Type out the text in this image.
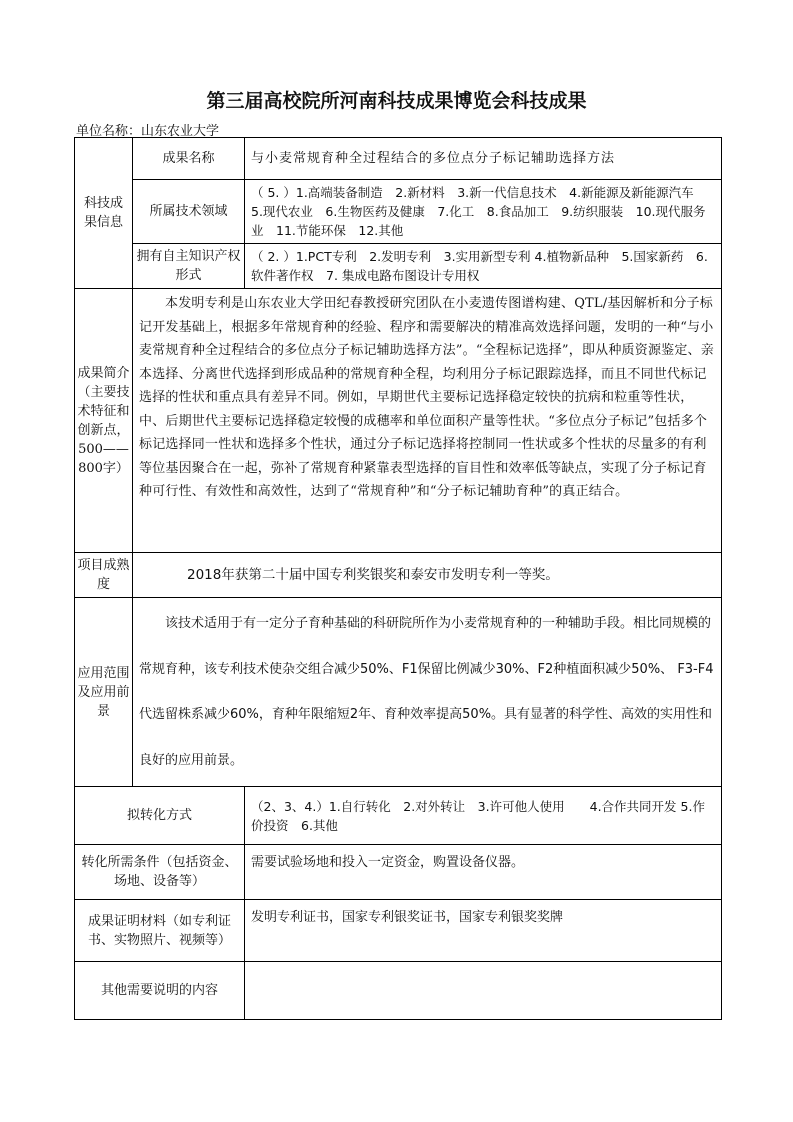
第三届高校院所河南科技成果博览会科技成果
单位名称：山东农业大学
科技成果信息	成果名称	与小麦常规育种全过程结合的多位点分子标记辅助选择方法
	所属技术领域	（ 5. ）1.高端装备制造　2.新材料　3.新一代信息技术　4.新能源及新能源汽车　5.现代农业　6.生物医药及健康　7.化工　8.食品加工　9.纺织服装　10.现代服务业　11.节能环保　12.其他
	拥有自主知识产权形式	（ 2. ）1.PCT专利　2.发明专利　3.实用新型专利 4.植物新品种　5.国家新药　6.软件著作权　7. 集成电路布图设计专用权
成果简介（主要技术特征和创新点，500——800字）	本发明专利是山东农业大学田纪春教授研究团队在小麦遗传图谱构建、QTL/基因解析和分子标记开发基础上，根据多年常规育种的经验、程序和需要解决的精准高效选择问题，发明的一种“与小麦常规育种全过程结合的多位点分子标记辅助选择方法”。“全程标记选择”，即从种质资源鉴定、亲本选择、分离世代选择到形成品种的常规育种全程，均利用分子标记跟踪选择，而且不同世代标记选择的性状和重点具有差异不同。例如，早期世代主要标记选择稳定较快的抗病和粒重等性状，中、后期世代主要标记选择稳定较慢的成穗率和单位面积产量等性状。“多位点分子标记”包括多个标记选择同一性状和选择多个性状，通过分子标记选择将控制同一性状或多个性状的尽量多的有利等位基因聚合在一起，弥补了常规育种紧靠表型选择的盲目性和效率低等缺点，实现了分子标记育种可行性、有效性和高效性，达到了“常规育种”和“分子标记辅助育种”的真正结合。	
项目成熟度	2018年获第二十届中国专利奖银奖和泰安市发明专利一等奖。	
应用范围及应用前景	该技术适用于有一定分子育种基础的科研院所作为小麦常规育种的一种辅助手段。相比同规模的常规育种，该专利技术使杂交组合减少50%、F1保留比例减少30%、F2种植面积减少50%、 F3-F4代选留株系减少60%，育种年限缩短2年、育种效率提高50%。具有显著的科学性、高效的实用性和良好的应用前景。	
拟转化方式		（2、3、4.）1.自行转化　2.对外转让　3.许可他人使用　　4.合作共同开发 5.作价投资　6.其他
转化所需条件（包括资金、场地、设备等）		需要试验场地和投入一定资金，购置设备仪器。
成果证明材料（如专利证书、实物照片、视频等）		发明专利证书，国家专利银奖证书，国家专利银奖奖牌
其他需要说明的内容		
